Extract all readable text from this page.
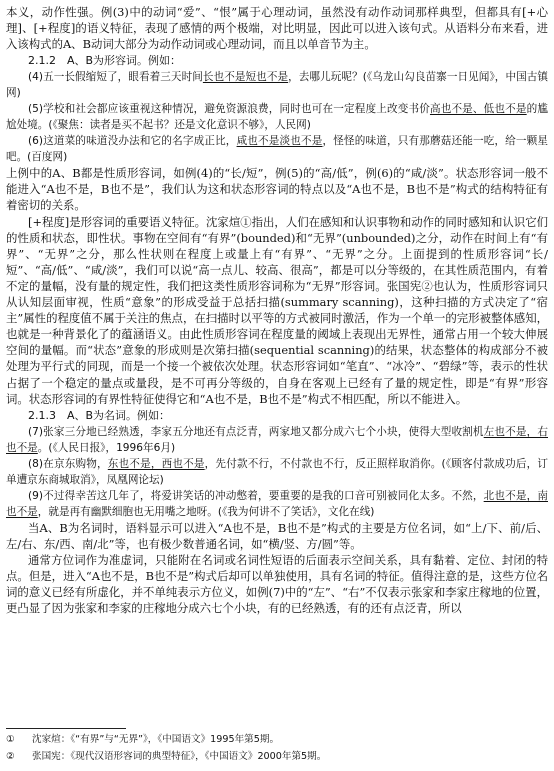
本义，动作性强。例(3)中的动词“爱”、“恨”属于心理动词，虽然没有动作动词那样典型，但都具有[+心理]、[+程度]的语义特征，表现了感情的两个极端，对比明显，因此可以进入该句式。从语料分布来看，进入该构式的A、B动词大部分为动作动词或心理动词，而且以单音节为主。

2.1.2　A、B为形容词。例如：

(4)五一长假缩短了，眼看着三天时间长也不是短也不是，去哪儿玩呢？(《乌龙山勾良苗寨一日见闻》，中国古镇网)

(5)学校和社会都应该重视这种情况，避免资源浪费，同时也可在一定程度上改变书价高也不是、低也不是的尴尬处境。(《聚焦：读者是买不起书？还是文化意识不够》，人民网)

(6)这道菜的味道没办法和它的名字成正比，咸也不是淡也不是，怪怪的味道，只有那蘑菇还能一吃，给一颗星吧。(百度网)

上例中的A、B都是性质形容词，如例(4)的“长/短”，例(5)的“高/低”，例(6)的“咸/淡”。状态形容词一般不能进入“A也不是，B也不是”，我们认为这和状态形容词的特点以及“A也不是，B也不是”构式的结构特征有着密切的关系。

[+程度]是形容词的重要语义特征。沈家煊①指出，人们在感知和认识事物和动作的同时感知和认识它们的性质和状态，即性状。事物在空间有“有界”(bounded)和“无界”(unbounded)之分，动作在时间上有“有界”、“无界”之分，那么性状则在程度上或量上有“有界”、“无界”之分。上面提到的性质形容词“长/短”、“高/低”、“咸/淡”，我们可以说“高一点儿、较高、很高”，都是可以分等级的，在其性质范围内，有着不定的量幅，没有量的规定性，我们把这类性质形容词称为“无界”形容词。张国宪②也认为，性质形容词只从认知层面审视，性质“意象”的形成受益于总括扫描(summary scanning)，这种扫描的方式决定了“宿主”属性的程度值不属于关注的焦点，在扫描时以平等的方式被同时激活，作为一个单一的完形被整体感知，也就是一种背景化了的蕴涵语义。由此性质形容词在程度量的阈域上表现出无界性，通常占用一个较大伸展空间的量幅。而“状态”意象的形成则是次第扫描(sequential scanning)的结果，状态整体的构成部分不被处理为平行式的同现，而是一个接一个被依次处理。状态形容词如“笔直”、“冰冷”、“碧绿”等，表示的性状占据了一个稳定的量点或量段，是不可再分等级的，自身在客观上已经有了量的规定性，即是“有界”形容词。状态形容词的有界性特征使得它和“A也不是，B也不是”构式不相匹配，所以不能进入。

2.1.3　A、B为名词。例如：

(7)张家三分地已经熟透，李家五分地还有点泛青，两家地又都分成六七个小块，使得大型收割机左也不是，右也不是。(《人民日报》，1996年6月)

(8)在京东购物，东也不是，西也不是，先付款不行，不付款也不行，反正照样取消你。(《顾客付款成功后，订单遭京东商城取消》，凤凰网论坛)

(9)不过得幸苦这几年了，将爱讲笑话的冲动憋着，要重要的是我的口音可别被同化太多。不然，北也不是，南也不是，就是再有幽默细胞也无用嘴之地呀。(《我为何讲不了笑话》，文化在线)

当A、B为名词时，语料显示可以进入“A也不是，B也不是”构式的主要是方位名词，如“上/下、前/后、左/右、东/西、南/北”等，也有极少数普通名词，如“横/竖、方/圆”等。

通常方位词作为准虚词，只能附在名词或名词性短语的后面表示空间关系，具有黏着、定位、封闭的特点。但是，进入“A也不是，B也不是”构式后却可以单独使用，具有名词的特征。值得注意的是，这些方位名词的意义已经有所虚化，并不单纯表示方位义，如例(7)中的“左”、“右”不仅表示张家和李家庄稼地的位置，更凸显了因为张家和李家的庄稼地分成六七个小块，有的已经熟透，有的还有点泛青，所以

① 沈家煊：《“有界”与“无界”》，《中国语文》1995年第5期。
② 张国宪：《现代汉语形容词的典型特征》，《中国语文》2000年第5期。
